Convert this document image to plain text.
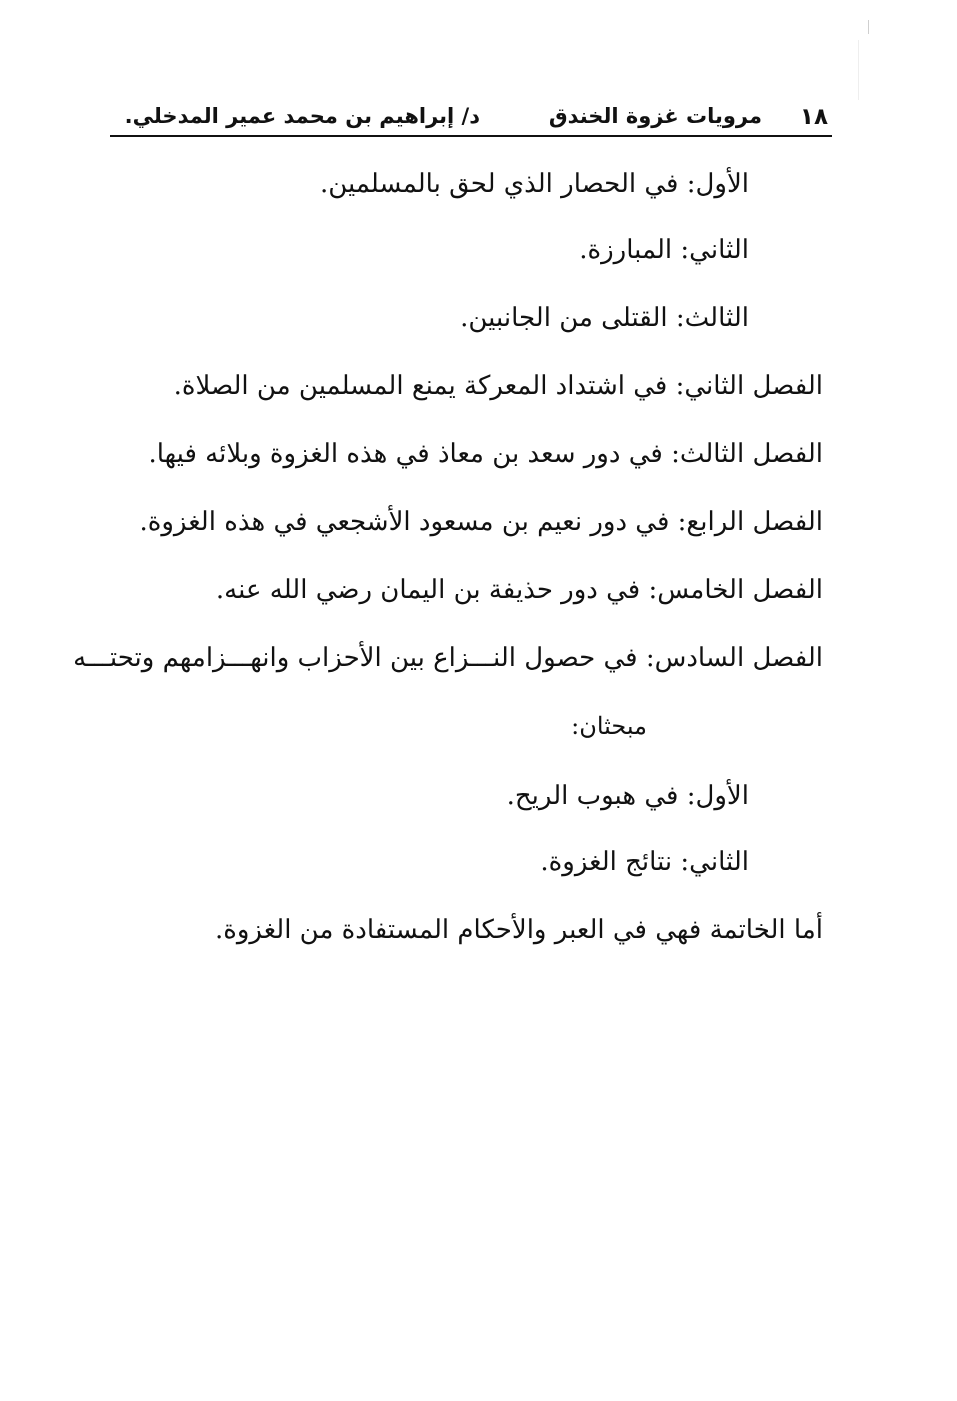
١٨
مرويات غزوة الخندق
د/ إبراهيم بن محمد عمير المدخلي.
الأول: في الحصار الذي لحق بالمسلمين.
الثاني: المبارزة.
الثالث: القتلى من الجانبين.
الفصل الثاني: في اشتداد المعركة يمنع المسلمين من الصلاة.
الفصل الثالث: في دور سعد بن معاذ في هذه الغزوة وبلائه فيها.
الفصل الرابع: في دور نعيم بن مسعود الأشجعي في هذه الغزوة.
الفصل الخامس: في دور حذيفة بن اليمان رضي الله عنه.
الفصل السادس: في حصول النـــزاع بين الأحزاب وانهـــزامهم وتحتـــه
مبحثان:
الأول: في هبوب الريح.
الثاني: نتائج الغزوة.
أما الخاتمة فهي في العبر والأحكام المستفادة من الغزوة.
